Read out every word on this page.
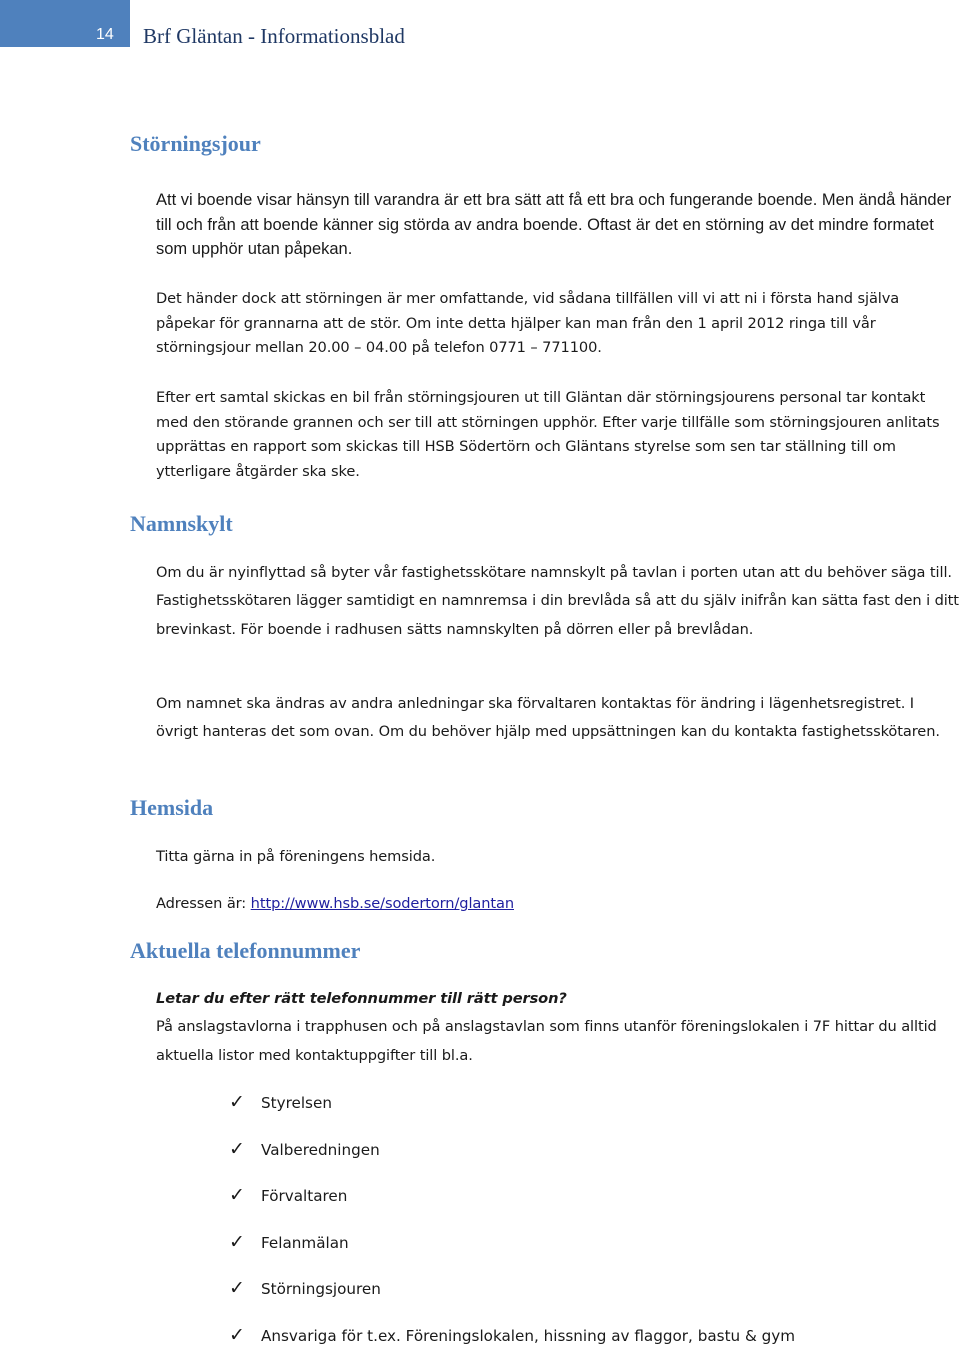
14 Brf Gläntan - Informationsblad
Störningsjour

Att vi boende visar hänsyn till varandra är ett bra sätt att få ett bra och fungerande boende. Men ändå händer till och från att boende känner sig störda av andra boende. Oftast är det en störning av det mindre formatet som upphör utan påpekan.

Det händer dock att störningen är mer omfattande, vid sådana tillfällen vill vi att ni i första hand själva påpekar för grannarna att de stör. Om inte detta hjälper kan man från den 1 april 2012 ringa till vår störningsjour mellan 20.00 – 04.00 på telefon 0771 – 771100.

Efter ert samtal skickas en bil från störningsjouren ut till Gläntan där störningsjourens personal tar kontakt med den störande grannen och ser till att störningen upphör. Efter varje tillfälle som störningsjouren anlitats upprättas en rapport som skickas till HSB Södertörn och Gläntans styrelse som sen tar ställning till om ytterligare åtgärder ska ske.

Namnskylt

Om du är nyinflyttad så byter vår fastighetsskötare namnskylt på tavlan i porten utan att du behöver säga till. Fastighetsskötaren lägger samtidigt en namnremsa i din brevlåda så att du själv inifrån kan sätta fast den i ditt brevinkast. För boende i radhusen sätts namnskylten på dörren eller på brevlådan.

Om namnet ska ändras av andra anledningar ska förvaltaren kontaktas för ändring i lägenhetsregistret. I övrigt hanteras det som ovan. Om du behöver hjälp med uppsättningen kan du kontakta fastighetsskötaren.

Hemsida

Titta gärna in på föreningens hemsida.

Adressen är: http://www.hsb.se/sodertorn/glantan

Aktuella telefonnummer

Letar du efter rätt telefonnummer till rätt person?
På anslagstavlorna i trapphusen och på anslagstavlan som finns utanför föreningslokalen i 7F hittar du alltid aktuella listor med kontaktuppgifter till bl.a.

✓	Styrelsen
✓	Valberedningen
✓	Förvaltaren
✓	Felanmälan
✓	Störningsjouren
✓	Ansvariga för t.ex. Föreningslokalen, hissning av flaggor, bastu & gym
